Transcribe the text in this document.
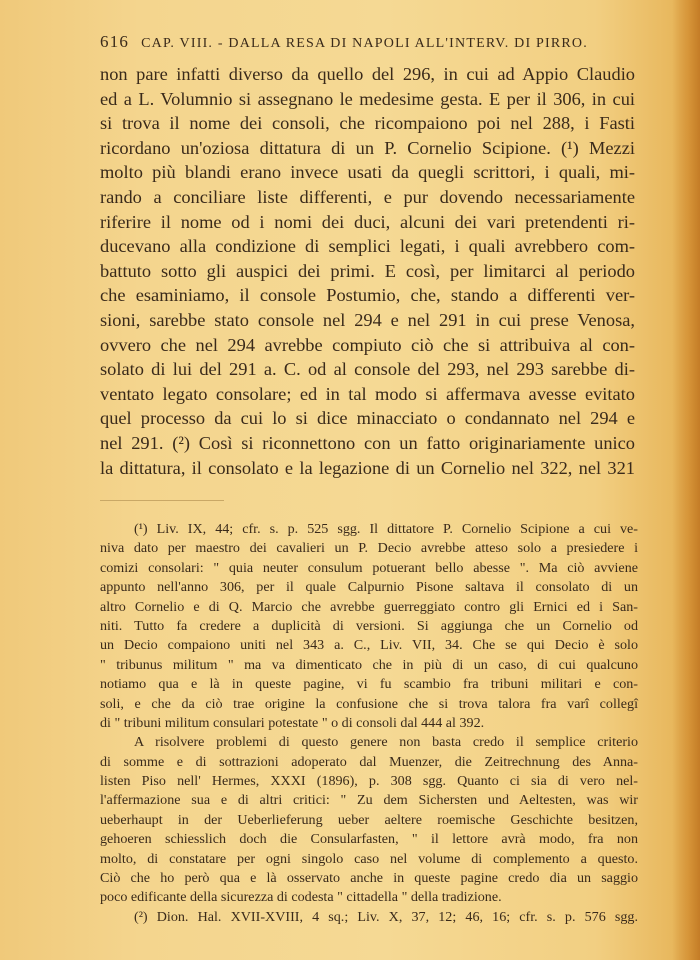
616 CAP. VIII. - DALLA RESA DI NAPOLI ALL'INTERV. DI PIRRO.
non pare infatti diverso da quello del 296, in cui ad Appio Claudio
ed a L. Volumnio si assegnano le medesime gesta. E per il 306, in cui
si trova il nome dei consoli, che ricompaiono poi nel 288, i Fasti
ricordano un'oziosa dittatura di un P. Cornelio Scipione. (¹) Mezzi
molto più blandi erano invece usati da quegli scrittori, i quali, mi-
rando a conciliare liste differenti, e pur dovendo necessariamente
riferire il nome od i nomi dei duci, alcuni dei vari pretendenti ri-
ducevano alla condizione di semplici legati, i quali avrebbero com-
battuto sotto gli auspici dei primi. E così, per limitarci al periodo
che esaminiamo, il console Postumio, che, stando a differenti ver-
sioni, sarebbe stato console nel 294 e nel 291 in cui prese Venosa,
ovvero che nel 294 avrebbe compiuto ciò che si attribuiva al con-
solato di lui del 291 a. C. od al console del 293, nel 293 sarebbe di-
ventato legato consolare; ed in tal modo si affermava avesse evitato
quel processo da cui lo si dice minacciato o condannato nel 294 e
nel 291. (²) Così si riconnettono con un fatto originariamente unico
la dittatura, il consolato e la legazione di un Cornelio nel 322, nel 321
(¹) Liv. IX, 44; cfr. s. p. 525 sgg. Il dittatore P. Cornelio Scipione a cui ve-
niva dato per maestro dei cavalieri un P. Decio avrebbe atteso solo a presiedere i
comizi consolari: " quia neuter consulum potuerant bello abesse ". Ma ciò avviene
appunto nell'anno 306, per il quale Calpurnio Pisone saltava il consolato di un
altro Cornelio e di Q. Marcio che avrebbe guerreggiato contro gli Ernici ed i San-
niti. Tutto fa credere a duplicità di versioni. Si aggiunga che un Cornelio od
un Decio compaiono uniti nel 343 a. C., Liv. VII, 34. Che se qui Decio è solo
" tribunus militum " ma va dimenticato che in più di un caso, di cui qualcuno
notiamo qua e là in queste pagine, vi fu scambio fra tribuni militari e con-
soli, e che da ciò trae origine la confusione che si trova talora fra varî collegî
di " tribuni militum consulari potestate " o di consoli dal 444 al 392.
A risolvere problemi di questo genere non basta credo il semplice criterio
di somme e di sottrazioni adoperato dal Muenzer, die Zeitrechnung des Anna-
listen Piso nell' Hermes, XXXI (1896), p. 308 sgg. Quanto ci sia di vero nel-
l'affermazione sua e di altri critici: " Zu dem Sichersten und Aeltesten, was wir
ueberhaupt in der Ueberlieferung ueber aeltere roemische Geschichte besitzen,
gehoeren schiesslich doch die Consularfasten, " il lettore avrà modo, fra non
molto, di constatare per ogni singolo caso nel volume di complemento a questo.
Ciò che ho però qua e là osservato anche in queste pagine credo dia un saggio
poco edificante della sicurezza di codesta " cittadella " della tradizione.
(²) Dion. Hal. XVII-XVIII, 4 sq.; Liv. X, 37, 12; 46, 16; cfr. s. p. 576 sgg.
